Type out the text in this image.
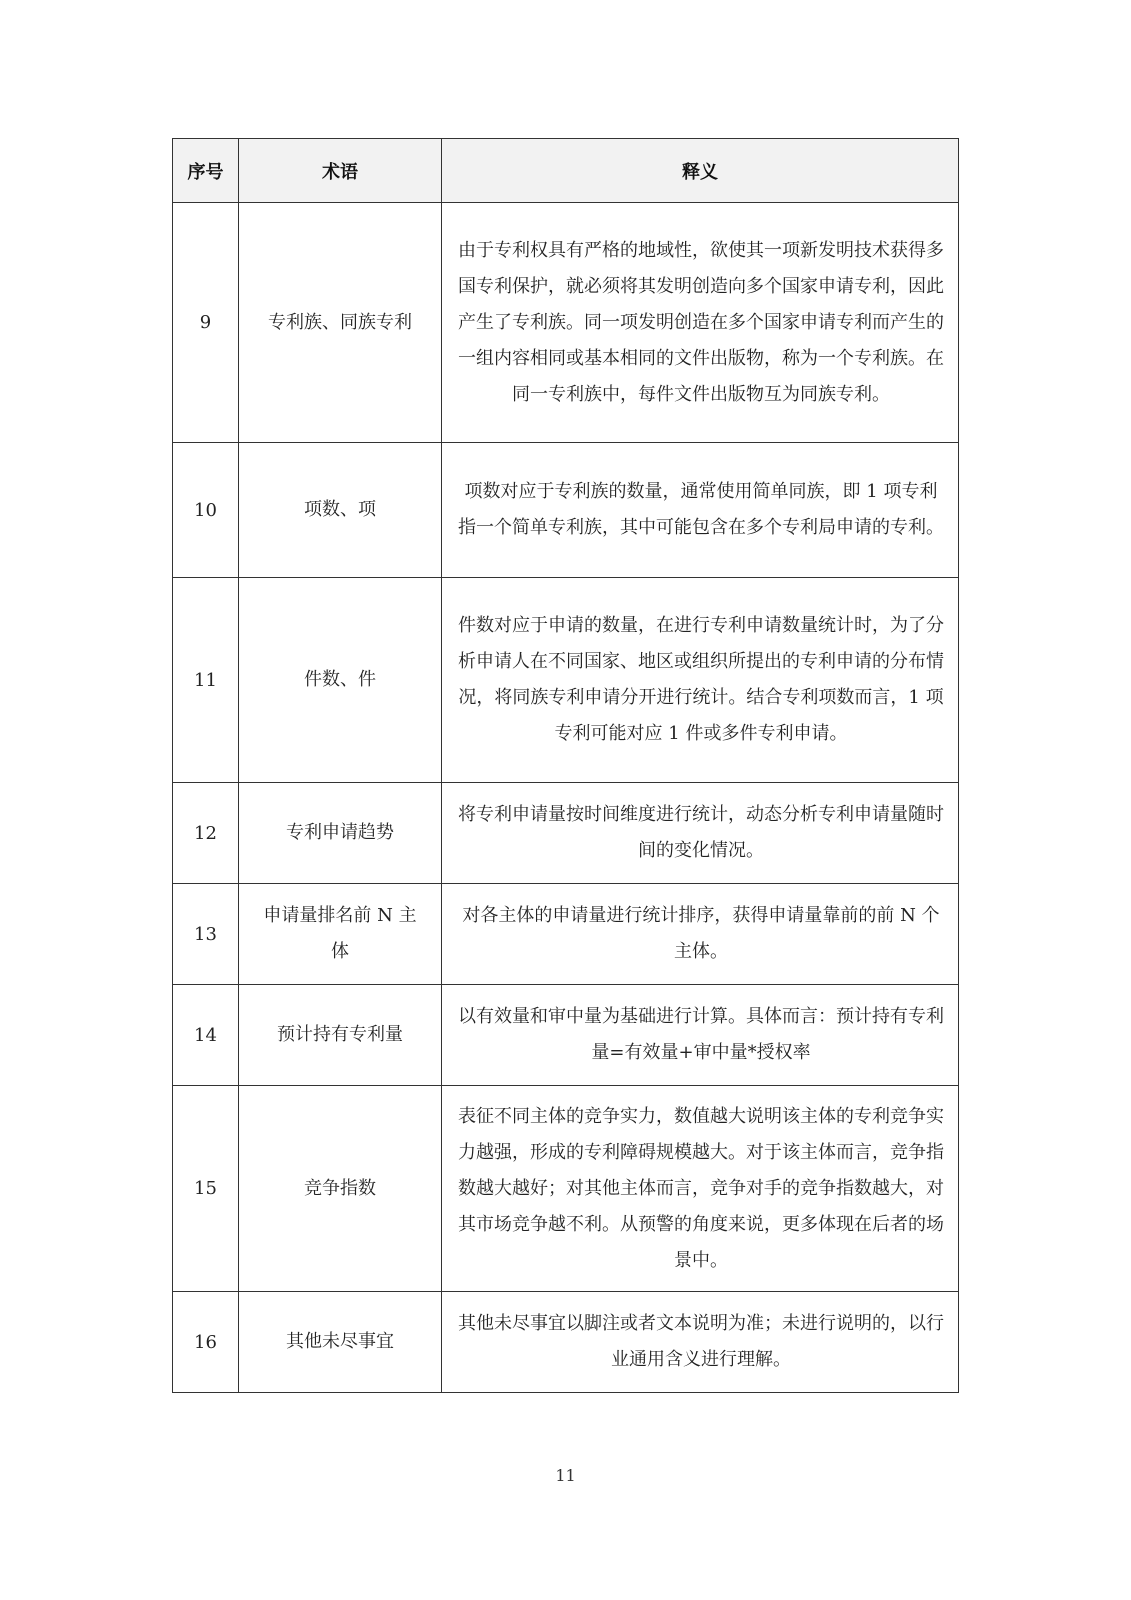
序号	术语	释义
9	专利族、同族专利	由于专利权具有严格的地域性，欲使其一项新发明技术获得多国专利保护，就必须将其发明创造向多个国家申请专利，因此产生了专利族。同一项发明创造在多个国家申请专利而产生的一组内容相同或基本相同的文件出版物，称为一个专利族。在同一专利族中，每件文件出版物互为同族专利。
10	项数、项	项数对应于专利族的数量，通常使用简单同族，即 1 项专利指一个简单专利族，其中可能包含在多个专利局申请的专利。
11	件数、件	件数对应于申请的数量，在进行专利申请数量统计时，为了分析申请人在不同国家、地区或组织所提出的专利申请的分布情况，将同族专利申请分开进行统计。结合专利项数而言，1 项专利可能对应 1 件或多件专利申请。
12	专利申请趋势	将专利申请量按时间维度进行统计，动态分析专利申请量随时间的变化情况。
13	申请量排名前 N 主体	对各主体的申请量进行统计排序，获得申请量靠前的前 N 个主体。
14	预计持有专利量	以有效量和审中量为基础进行计算。具体而言：预计持有专利量=有效量+审中量*授权率
15	竞争指数	表征不同主体的竞争实力，数值越大说明该主体的专利竞争实力越强，形成的专利障碍规模越大。对于该主体而言，竞争指数越大越好；对其他主体而言，竞争对手的竞争指数越大，对其市场竞争越不利。从预警的角度来说，更多体现在后者的场景中。
16	其他未尽事宜	其他未尽事宜以脚注或者文本说明为准；未进行说明的，以行业通用含义进行理解。
11
